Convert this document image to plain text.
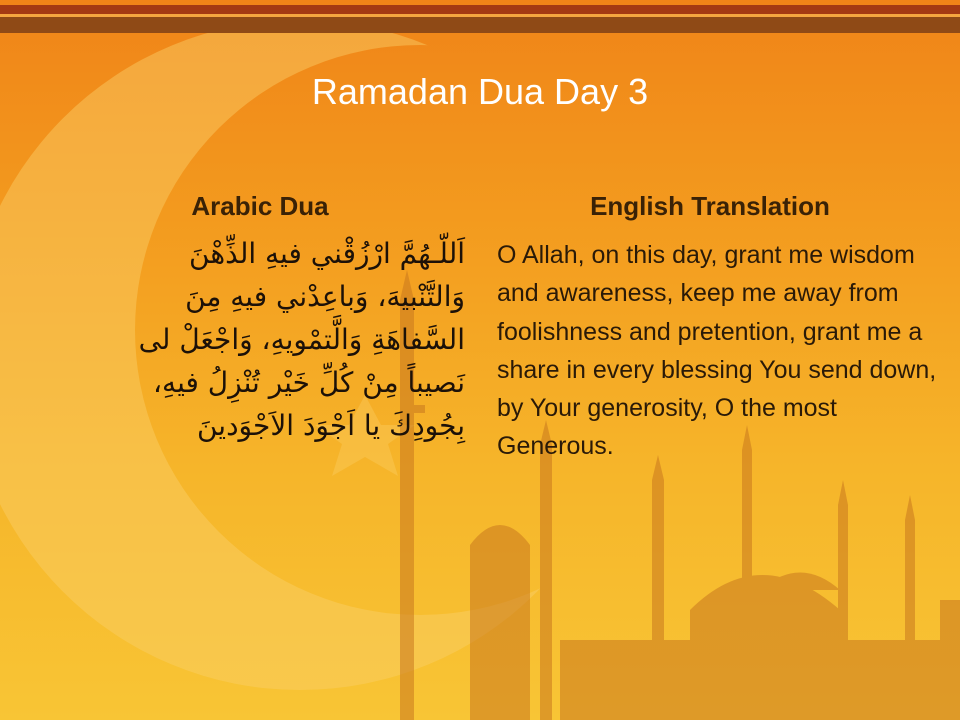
Ramadan Dua Day 3
Arabic Dua	English Translation
اَللّـهُمَّ ارْزُقْني فيهِ الذِّهْنَ
وَالتَّنْبيهَ، وَباعِدْني فيهِ مِنَ
السَّفاهَةِ وَالَّتمْويهِ، وَاجْعَلْ لى
نَصيباً مِنْ كُلِّ خَيْر تُنْزِلُ فيهِ،
بِجُودِكَ يا اَجْوَدَ الاَجْوَدينَ
O Allah, on this day, grant me wisdom and awareness, keep me away from foolishness and pretention, grant me a share in every blessing You send down, by Your generosity, O the most Generous.
